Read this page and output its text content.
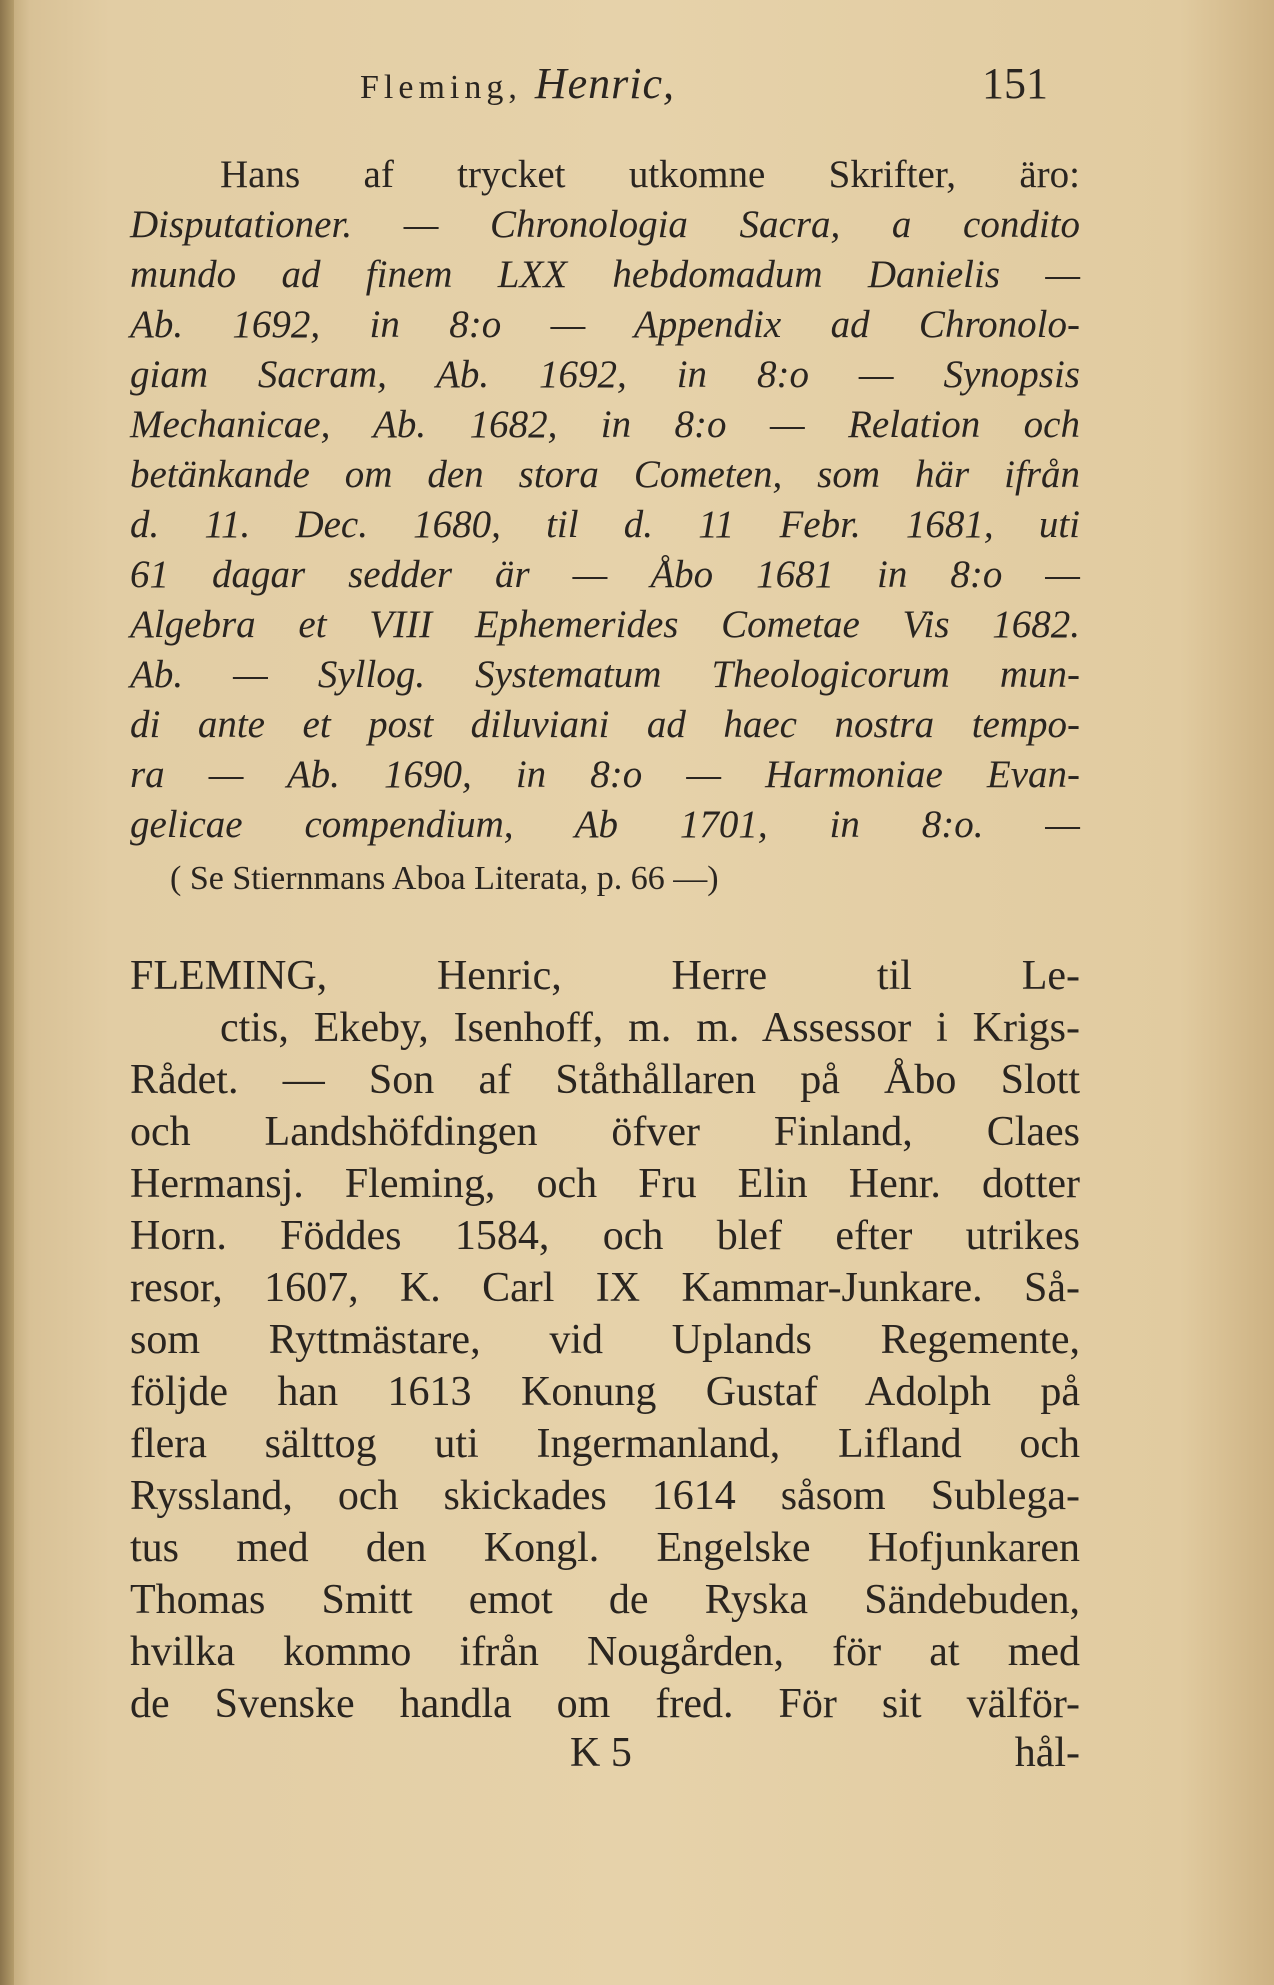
Fleming, Henric,	151
Hans af trycket utkomne Skrifter, äro:
Disputationer. — Chronologia Sacra, a condito
mundo ad finem LXX hebdomadum Danielis —
Ab. 1692, in 8:o — Appendix ad Chronolo-
giam Sacram, Ab. 1692, in 8:o — Synopsis
Mechanicae, Ab. 1682, in 8:o — Relation och
betänkande om den stora Cometen, som här ifrån
d. 11. Dec. 1680, til d. 11 Febr. 1681, uti
61 dagar sedder är — Åbo 1681 in 8:o —
Algebra et VIII Ephemerides Cometae Vis 1682.
Ab. — Syllog. Systematum Theologicorum mun-
di ante et post diluviani ad haec nostra tempo-
ra — Ab. 1690, in 8:o — Harmoniae Evan-
gelicae compendium, Ab 1701, in 8:o. —
( Se Stiernmans Aboa Literata, p. 66 —)
FLEMING, Henric, Herre til Le-
ctis, Ekeby, Isenhoff, m. m. Assessor i Krigs-
Rådet. — Son af Ståthållaren på Åbo Slott
och Landshöfdingen öfver Finland, Claes
Hermansj. Fleming, och Fru Elin Henr. dotter
Horn. Föddes 1584, och blef efter utrikes
resor, 1607, K. Carl IX Kammar-Junkare. Så-
som Ryttmästare, vid Uplands Regemente,
följde han 1613 Konung Gustaf Adolph på
flera sälttog uti Ingermanland, Lifland och
Ryssland, och skickades 1614 såsom Sublega-
tus med den Kongl. Engelske Hofjunkaren
Thomas Smitt emot de Ryska Sändebuden,
hvilka kommo ifrån Nougården, för at med
de Svenske handla om fred. För sit välför-
K 5	hål-
